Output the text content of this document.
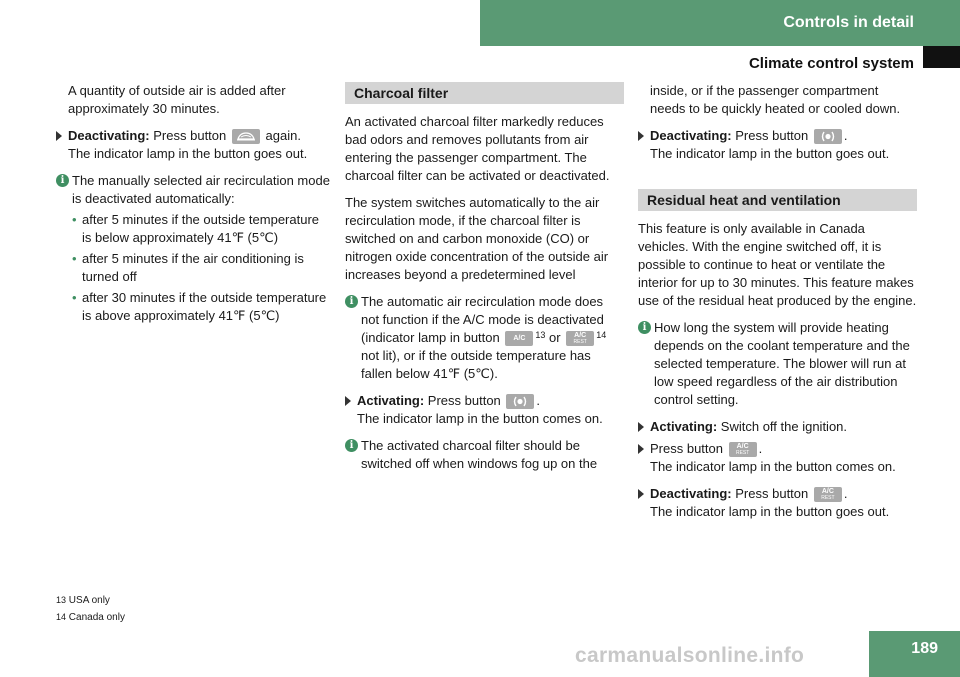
Controls in detail
Climate control system

A quantity of outside air is added after approximately 30 minutes.

Deactivating: Press button	again.
The indicator lamp in the button goes out.
i The manually selected air recirculation mode is deactivated automatically:

• after 5 minutes if the outside temperature is below approximately 41℉ (5℃)
• after 5 minutes if the air conditioning is turned off
• after 30 minutes if the outside temperature is above approximately 41℉ (5℃)
Charcoal filter

An activated charcoal filter markedly reduces bad odors and removes pollutants from air entering the passenger compartment. The charcoal filter can be activated or deactivated.

The system switches automatically to the air recirculation mode, if the charcoal filter is switched on and carbon monoxide (CO) or nitrogen oxide concentration of the outside air increases beyond a predetermined level

i The automatic air recirculation mode does not function if the A/C mode is deactivated (indicator lamp in button	A/C	$^{13}$ or	A/C
REST
$^{14}$ not lit), or if the outside temperature has fallen below 41℉ (5℃).
Activating: Press button	.
The indicator lamp in the button comes on.
i The activated charcoal filter should be switched off when windows fog up on the

inside, or if the passenger compartment needs to be quickly heated or cooled down.

Deactivating: Press button	.
The indicator lamp in the button goes out.
Residual heat and ventilation

This feature is only available in Canada vehicles. With the engine switched off, it is possible to continue to heat or ventilate the interior for up to 30 minutes. This feature makes use of the residual heat produced by the engine.

i How long the system will provide heating depends on the coolant temperature and the selected temperature. The blower will run at low speed regardless of the air distribution control setting.

Activating: Switch off the ignition.
Press button	A/C
REST .
The indicator lamp in the button comes on.
Deactivating: Press button	A/C
REST .
The indicator lamp in the button goes out.
13 USA only
14 Canada only
carmanualsonline.info	189
